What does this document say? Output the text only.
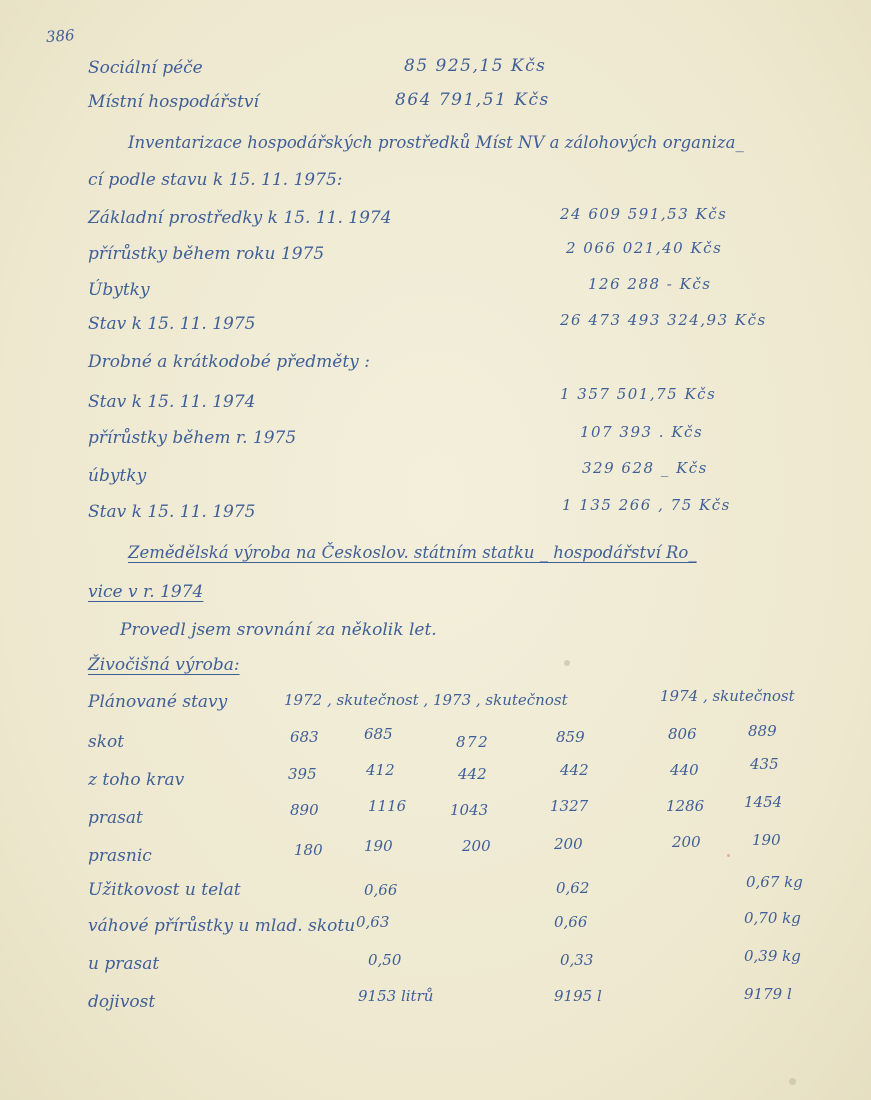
386
Sociální péče	85 925,15 Kčs
Místní hospodářství	864 791,51 Kčs
Inventarizace hospodářských prostředků Míst NV a zálohových organiza_
cí podle stavu k 15. 11. 1975:
Základní prostředky k 15. 11. 1974	24 609 591,53 Kčs
přírůstky během roku 1975	2 066 021,40 Kčs
Úbytky	126 288 - Kčs
Stav k 15. 11. 1975	26 473 493 324,93 Kčs
Drobné a krátkodobé předměty :
Stav k 15. 11. 1974	1 357 501,75 Kčs
přírůstky během r. 1975	107 393 . Kčs
úbytky	329 628 _ Kčs
Stav k 15. 11. 1975	1 135 266 , 75 Kčs
Zemědělská výroba na Českoslov. státním statku _ hospodářství Ro_
vice v r. 1974
Provedl jsem srovnání za několik let.
Živočišná výroba:
Plánované stavy	1972 , skutečnost , 1973 , skutečnost	1974 , skutečnost
skot	683	685	872	859	806	889
z toho krav	395	412	442	442	440	435
prasat	890	1116	1043	1327	1286	1454
prasnic	180	190	200	200	200	190
Užitkovost u telat	0,66	0,62	0,67 kg
váhové přírůstky u mlad. skotu 0,63	0,66	0,70 kg
u prasat	0,50	0,33	0,39 kg
dojivost	9153 litrů	9195 l	9179 l
